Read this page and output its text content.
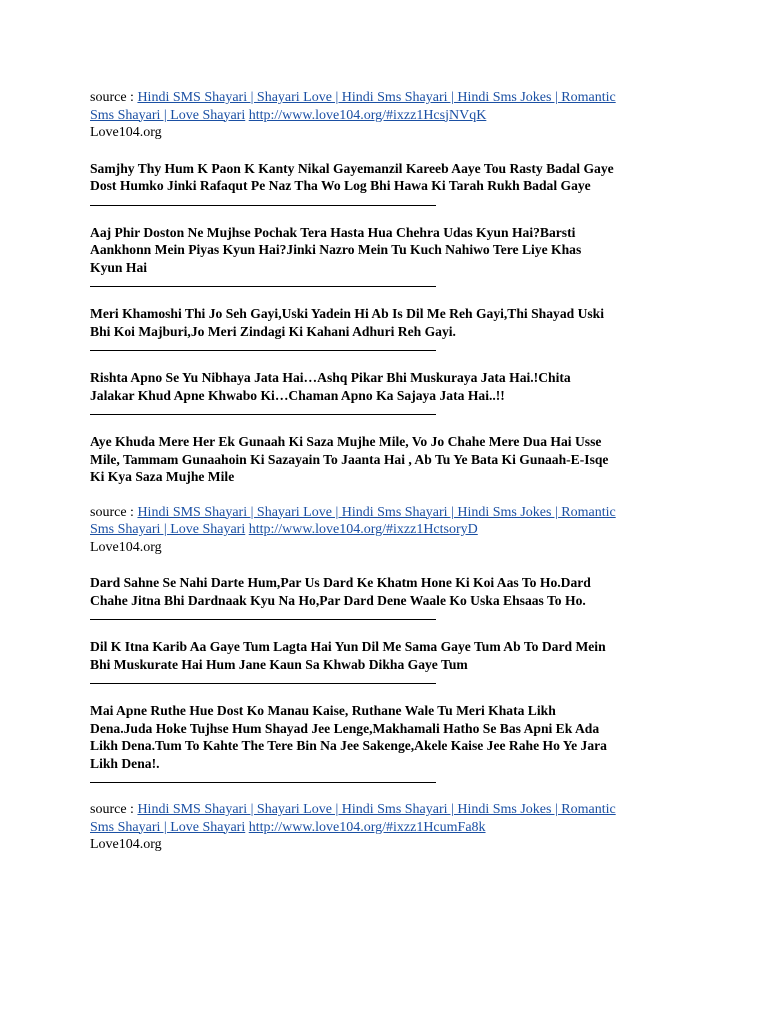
source : Hindi SMS Shayari | Shayari Love | Hindi Sms Shayari | Hindi Sms Jokes | Romantic
Sms Shayari | Love Shayari http://www.love104.org/#ixzz1HcsjNVqK
Love104.org
Samjhy Thy Hum K Paon K Kanty Nikal Gayemanzil Kareeb Aaye Tou Rasty Badal Gaye
Dost Humko Jinki Rafaqut Pe Naz Tha Wo Log Bhi Hawa Ki Tarah Rukh Badal Gaye
Aaj Phir Doston Ne Mujhse Pochak Tera Hasta Hua Chehra Udas Kyun Hai?Barsti
Aankhonn Mein Piyas Kyun Hai?Jinki Nazro Mein Tu Kuch Nahiwo Tere Liye Khas
Kyun Hai
Meri Khamoshi Thi Jo Seh Gayi,Uski Yadein Hi Ab Is Dil Me Reh Gayi,Thi Shayad Uski
Bhi Koi Majburi,Jo Meri Zindagi Ki Kahani Adhuri Reh Gayi.
Rishta Apno Se Yu Nibhaya Jata Hai…Ashq Pikar Bhi Muskuraya Jata Hai.!Chita
Jalakar Khud Apne Khwabo Ki…Chaman Apno Ka Sajaya Jata Hai..!!
Aye Khuda Mere Her Ek Gunaah Ki Saza Mujhe Mile, Vo Jo Chahe Mere Dua Hai Usse
Mile, Tammam Gunaahoin Ki Sazayain To Jaanta Hai , Ab Tu Ye Bata Ki Gunaah-E-Isqe
Ki Kya Saza Mujhe Mile
source : Hindi SMS Shayari | Shayari Love | Hindi Sms Shayari | Hindi Sms Jokes | Romantic
Sms Shayari | Love Shayari http://www.love104.org/#ixzz1HctsoryD
Love104.org
Dard Sahne Se Nahi Darte Hum,Par Us Dard Ke Khatm Hone Ki Koi Aas To Ho.Dard
Chahe Jitna Bhi Dardnaak Kyu Na Ho,Par Dard Dene Waale Ko Uska Ehsaas To Ho.
Dil K Itna Karib Aa Gaye Tum Lagta Hai Yun Dil Me Sama Gaye Tum Ab To Dard Mein
Bhi Muskurate Hai Hum Jane Kaun Sa Khwab Dikha Gaye Tum
Mai Apne Ruthe Hue Dost Ko Manau Kaise, Ruthane Wale Tu Meri Khata Likh
Dena.Juda Hoke Tujhse Hum Shayad Jee Lenge,Makhamali Hatho Se Bas Apni Ek Ada
Likh Dena.Tum To Kahte The Tere Bin Na Jee Sakenge,Akele Kaise Jee Rahe Ho Ye Jara
Likh Dena!.
source : Hindi SMS Shayari | Shayari Love | Hindi Sms Shayari | Hindi Sms Jokes | Romantic
Sms Shayari | Love Shayari http://www.love104.org/#ixzz1HcumFa8k
Love104.org
